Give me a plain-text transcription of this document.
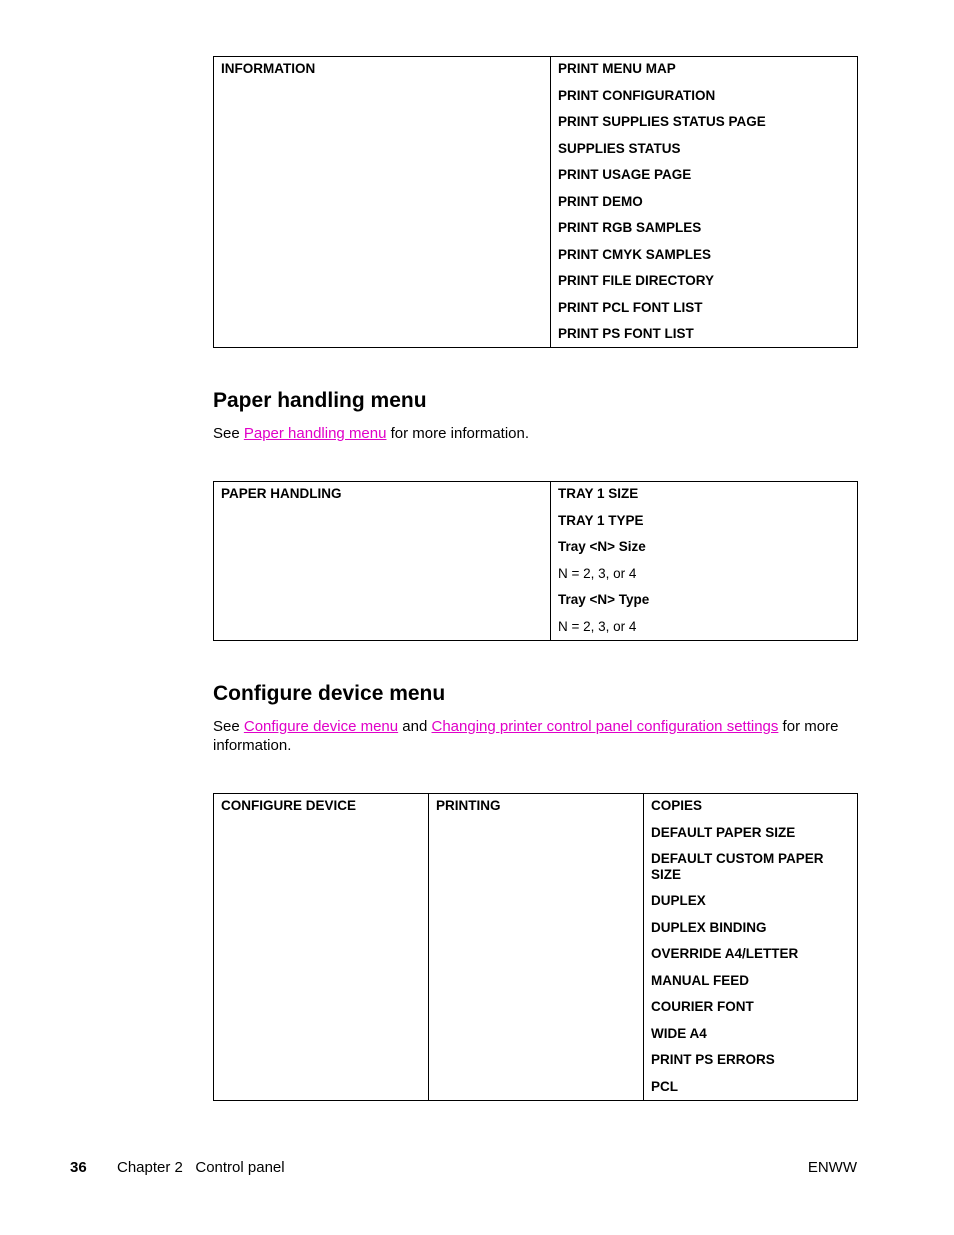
INFORMATION	PRINT MENU MAP
PRINT CONFIGURATION
PRINT SUPPLIES STATUS PAGE
SUPPLIES STATUS
PRINT USAGE PAGE
PRINT DEMO
PRINT RGB SAMPLES
PRINT CMYK SAMPLES
PRINT FILE DIRECTORY
PRINT PCL FONT LIST
PRINT PS FONT LIST
Paper handling menu

See Paper handling menu for more information.

PAPER HANDLING	TRAY 1 SIZE
TRAY 1 TYPE
Tray <N> Size
N = 2, 3, or 4
Tray <N> Type
N = 2, 3, or 4
Configure device menu

See Configure device menu and Changing printer control panel configuration settings for more information.

CONFIGURE DEVICE	PRINTING	COPIES
DEFAULT PAPER SIZE
DEFAULT CUSTOM PAPER SIZE
DUPLEX
DUPLEX BINDING
OVERRIDE A4/LETTER
MANUAL FEED
COURIER FONT
WIDE A4
PRINT PS ERRORS
PCL
36 Chapter 2   Control panel	ENWW
